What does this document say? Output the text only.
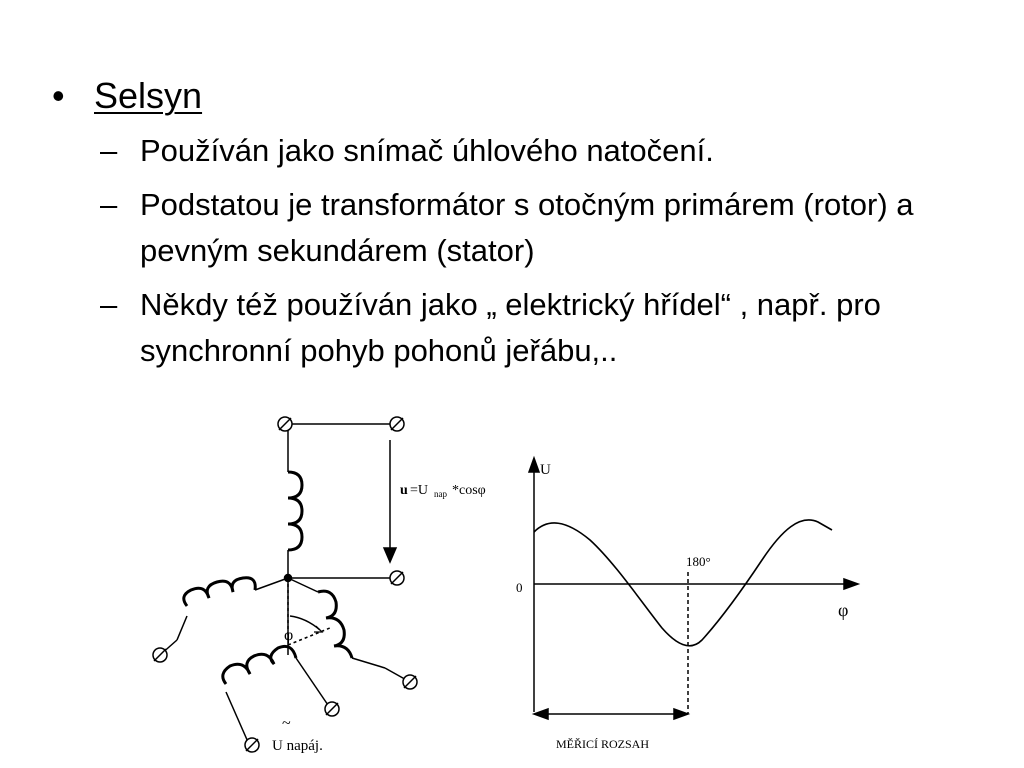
• Selsyn
– Používán jako snímač úhlového natočení.
– Podstatou je transformátor s otočným primárem (rotor) a pevným sekundárem (stator)
– Někdy též používán jako „ elektrický hřídel“ , např. pro synchronní pohyb pohonů jeřábu,..
u =U nap *cosφ
φ
~
U napáj.
U
φ
0
180°
MĚŘICÍ ROZSAH
